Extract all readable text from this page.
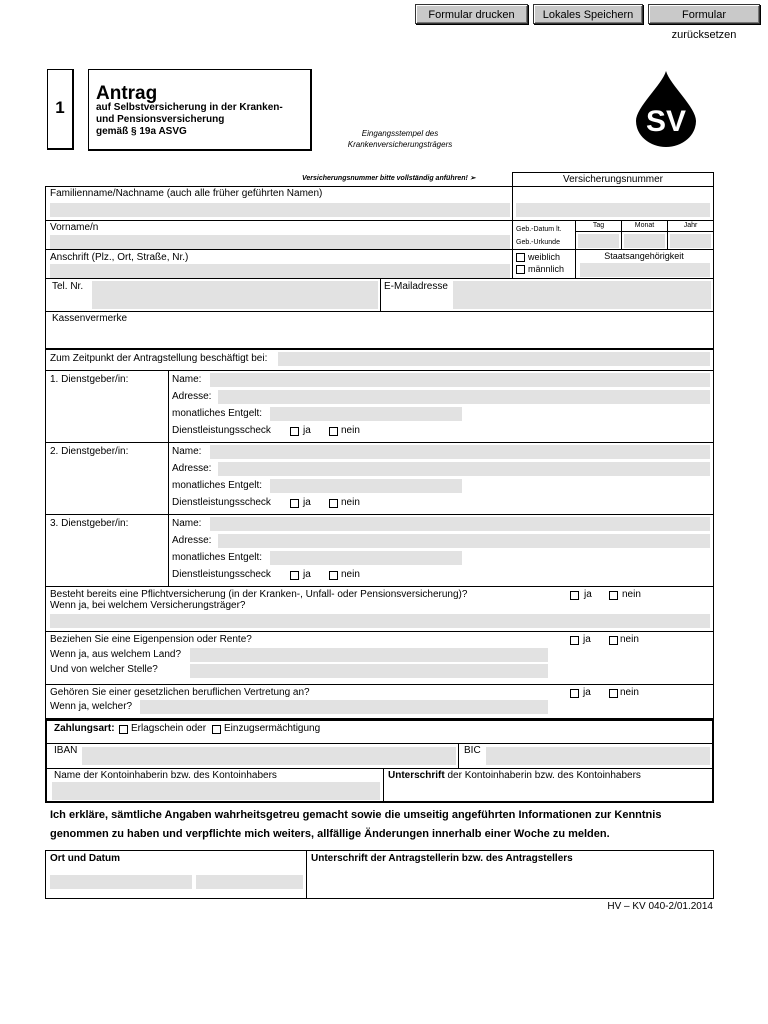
Formular drucken	Lokales Speichern	Formular zurücksetzen
1
Antrag
auf Selbstversicherung in der Kranken-
und Pensionsversicherung
gemäß § 19a ASVG	Eingangsstempel des
Krankenversicherungsträgers
SV
Versicherungsnummer bitte vollständig anführen! ➢	Versicherungsnummer
Familienname/Nachname (auch alle früher geführten Namen)
Vorname/n	Geb.-Datum lt.
Geb.-Urkunde
Tag	Monat	Jahr
Anschrift (Plz., Ort, Straße, Nr.)	weiblich
männlich
Staatsangehörigkeit
Tel. Nr.	E-Mailadresse
Kassenvermerke
Zum Zeitpunkt der Antragstellung beschäftigt bei:
1. Dienstgeber/in:	Name:
Adresse:
monatliches Entgelt:
Dienstleistungsscheck	ja	nein
2. Dienstgeber/in:	Name:
Adresse:
monatliches Entgelt:
Dienstleistungsscheck	ja	nein
3. Dienstgeber/in:	Name:
Adresse:
monatliches Entgelt:
Dienstleistungsscheck	ja	nein
Besteht bereits eine Pflichtversicherung (in der Kranken-, Unfall- oder Pensionsversicherung)?
Wenn ja, bei welchem Versicherungsträger?
ja	nein
Beziehen Sie eine Eigenpension oder Rente?	ja	nein
Wenn ja, aus welchem Land?
Und von welcher Stelle?
Gehören Sie einer gesetzlichen beruflichen Vertretung an?	ja	nein
Wenn ja, welcher?
Zahlungsart: Erlagschein oder Einzugsermächtigung
IBAN	BIC
Name der Kontoinhaberin bzw. des Kontoinhabers	Unterschrift der Kontoinhaberin bzw. des Kontoinhabers
Ich erkläre, sämtliche Angaben wahrheitsgetreu gemacht sowie die umseitig angeführten Informationen zur Kenntnis
genommen zu haben und verpflichte mich weiters, allfällige Änderungen innerhalb einer Woche zu melden.
Ort und Datum	Unterschrift der Antragstellerin bzw. des Antragstellers
HV – KV 040-2/01.2014
